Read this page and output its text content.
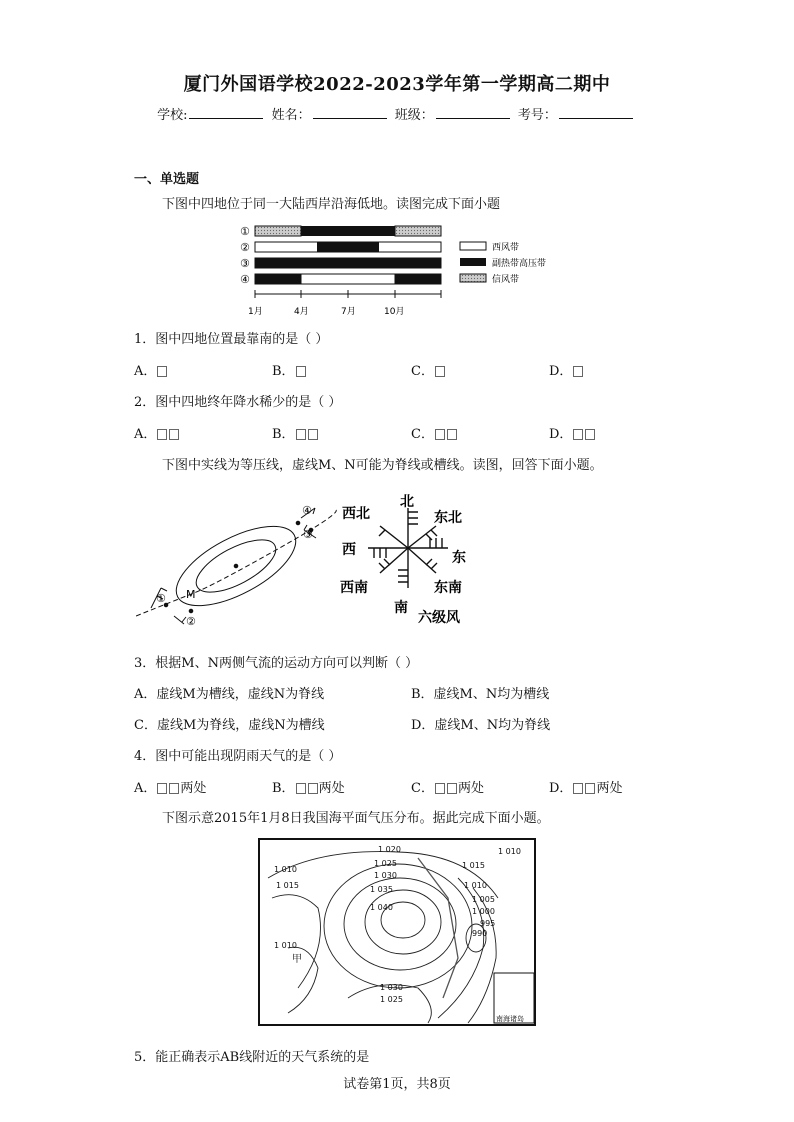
厦门外国语学校2022-2023学年第一学期高二期中
学校:	姓名：	班级：	考号：
一、单选题
下图中四地位于同一大陆西岸沿海低地。读图完成下面小题
①
②
③
④
1月	4月	7月	10月
西风带
副热带高压带
信风带
1．图中四地位置最靠南的是（ ）
A．	B．	C．	D．
2．图中四地终年降水稀少的是（ ）
A．	B．	C．	D．
下图中实线为等压线，虚线M、N可能为脊线或槽线。读图，回答下面小题。
①
②
③
④
M
北
东北
东
东南
南
西南
西
西北
六级风
3．根据M、N两侧气流的运动方向可以判断（ ）
A．虚线M为槽线，虚线N为脊线	B．虚线M、N均为槽线
C．虚线M为脊线，虚线N为槽线	D．虚线M、N均为脊线
4．图中可能出现阴雨天气的是（ ）
A． 两处	B． 两处	C． 两处	D． 两处
下图示意2015年1月8日我国海平面气压分布。据此完成下面小题。
南海诸岛
1 020	1 010
1 010
1 015
1 025
1 030
1 035
1 040
1 015
1 010
1 005
1 000
995
990
1 010
1 030
1 025
甲
5．能正确表示AB线附近的天气系统的是
试卷第1页，共8页
